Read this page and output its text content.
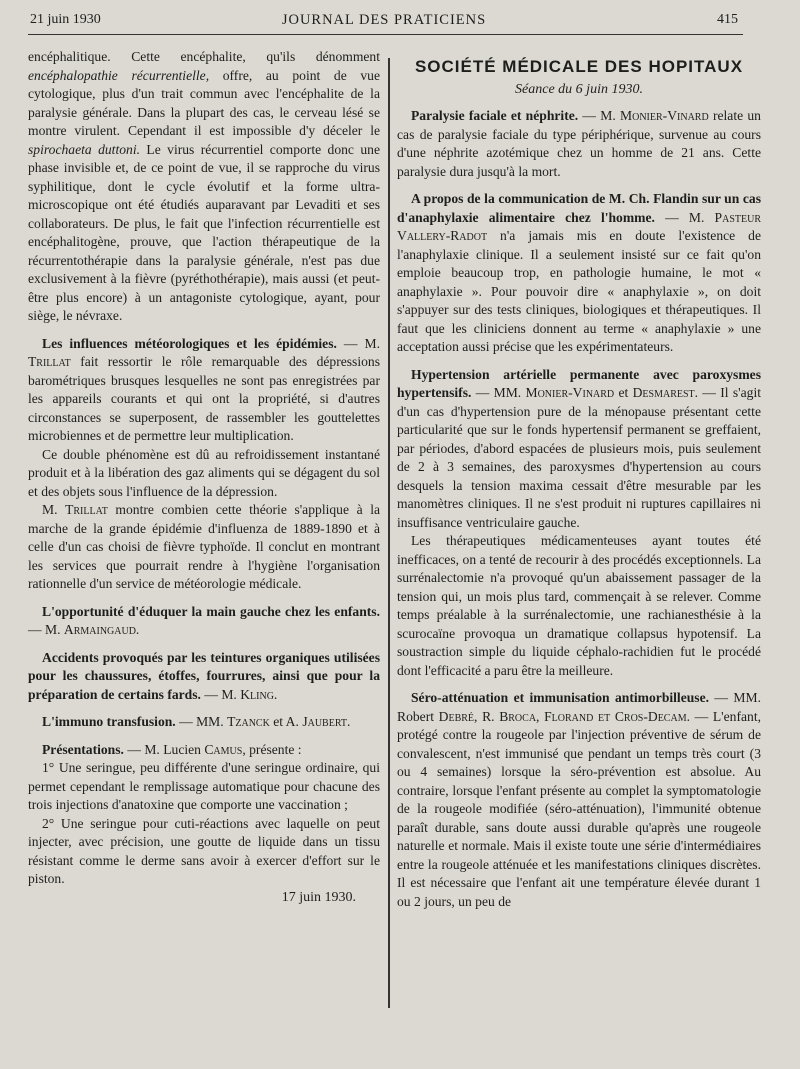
21 juin 1930	JOURNAL DES PRATICIENS	415

encéphalitique. Cette encéphalite, qu'ils dénomment encéphalopathie récurrentielle, offre, au point de vue cytologique, plus d'un trait commun avec l'encéphalite de la paralysie générale. Dans la plupart des cas, le cerveau lésé se montre virulent. Cependant il est impossible d'y déceler le spirochaeta duttoni. Le virus récurrentiel comporte donc une phase invisible et, de ce point de vue, il se rapproche du virus syphilitique, dont le cycle évolutif et la forme ultra-microscopique ont été étudiés auparavant par Levaditi et ses collaborateurs. De plus, le fait que l'infection récurrentielle est encéphalitogène, prouve, que l'action thérapeutique de la récurrentothérapie dans la paralysie générale, n'est pas due exclusivement à la fièvre (pyréthothérapie), mais aussi (et peut-être plus encore) à un antagoniste cytologique, ayant, pour siège, le névraxe.

Les influences météorologiques et les épidémies. — M. Trillat fait ressortir le rôle remarquable des dépressions barométriques brusques lesquelles ne sont pas enregistrées par les appareils courants et qui ont la propriété, si d'autres circonstances se superposent, de rassembler les gouttelettes microbiennes et de permettre leur multiplication.

Ce double phénomène est dû au refroidissement instantané produit et à la libération des gaz aliments qui se dégagent du sol et des objets sous l'influence de la dépression.

M. Trillat montre combien cette théorie s'applique à la marche de la grande épidémie d'influenza de 1889-1890 et à celle d'un cas choisi de fièvre typhoïde. Il conclut en montrant les services que pourrait rendre à l'hygiène l'organisation rationnelle d'un service de météorologie médicale.

L'opportunité d'éduquer la main gauche chez les enfants. — M. Armaingaud.

Accidents provoqués par les teintures organiques utilisées pour les chaussures, étoffes, fourrures, ainsi que pour la préparation de certains fards. — M. Kling.

L'immuno transfusion. — MM. Tzanck et A. Jaubert.

Présentations. — M. Lucien Camus, présente :

1° Une seringue, peu différente d'une seringue ordinaire, qui permet cependant le remplissage automatique pour chacune des trois injections d'anatoxine que comporte une vaccination ;

2° Une seringue pour cuti-réactions avec laquelle on peut injecter, avec précision, une goutte de liquide dans un tissu résistant comme le derme sans avoir à exercer d'effort sur le piston.

17 juin 1930.

SOCIÉTÉ MÉDICALE DES HOPITAUX
Séance du 6 juin 1930.

Paralysie faciale et néphrite. — M. Monier-Vinard relate un cas de paralysie faciale du type périphérique, survenue au cours d'une néphrite azotémique chez un homme de 21 ans. Cette paralysie dura jusqu'à la mort.

A propos de la communication de M. Ch. Flandin sur un cas d'anaphylaxie alimentaire chez l'homme. — M. Pasteur Vallery-Radot n'a jamais mis en doute l'existence de l'anaphylaxie clinique. Il a seulement insisté sur ce fait qu'on emploie beaucoup trop, en pathologie humaine, le mot « anaphylaxie ». Pour pouvoir dire « anaphylaxie », on doit s'appuyer sur des tests cliniques, biologiques et thérapeutiques. Il faut que les cliniciens donnent au terme « anaphylaxie » une acceptation aussi précise que les expérimentateurs.

Hypertension artérielle permanente avec paroxysmes hypertensifs. — MM. Monier-Vinard et Desmarest. — Il s'agit d'un cas d'hypertension pure de la ménopause présentant cette particularité que sur le fonds hypertensif permanent se greffaient, par périodes, d'abord espacées de plusieurs mois, puis seulement de 2 à 3 semaines, des paroxysmes d'hypertension au cours desquels la tension maxima cessait d'être mesurable par les manomètres cliniques. Il ne s'est produit ni ruptures capillaires ni insuffisance ventriculaire gauche.

Les thérapeutiques médicamenteuses ayant toutes été inefficaces, on a tenté de recourir à des procédés exceptionnels. La surrénalectomie n'a provoqué qu'un abaissement passager de la tension qui, un mois plus tard, commençait à se relever. Comme temps préalable à la surrénalectomie, une rachianesthésie à la scurocaïne provoqua un dramatique collapsus hypotensif. La soustraction simple du liquide céphalo-rachidien fut le procédé dont l'efficacité a paru être la meilleure.

Séro-atténuation et immunisation antimorbilleuse. — MM. Robert Debré, R. Broca, Florand et Cros-Decam. — L'enfant, protégé contre la rougeole par l'injection préventive de sérum de convalescent, n'est immunisé que pendant un temps très court (3 ou 4 semaines) lorsque la séro-prévention est absolue. Au contraire, lorsque l'enfant présente au complet la symptomatologie de la rougeole modifiée (séro-atténuation), l'immunité obtenue paraît durable, sans doute aussi durable qu'après une rougeole naturelle et normale. Mais il existe toute une série d'intermédiaires entre la rougeole atténuée et les manifestations cliniques discrètes. Il est nécessaire que l'enfant ait une température élevée durant 1 ou 2 jours, un peu de
